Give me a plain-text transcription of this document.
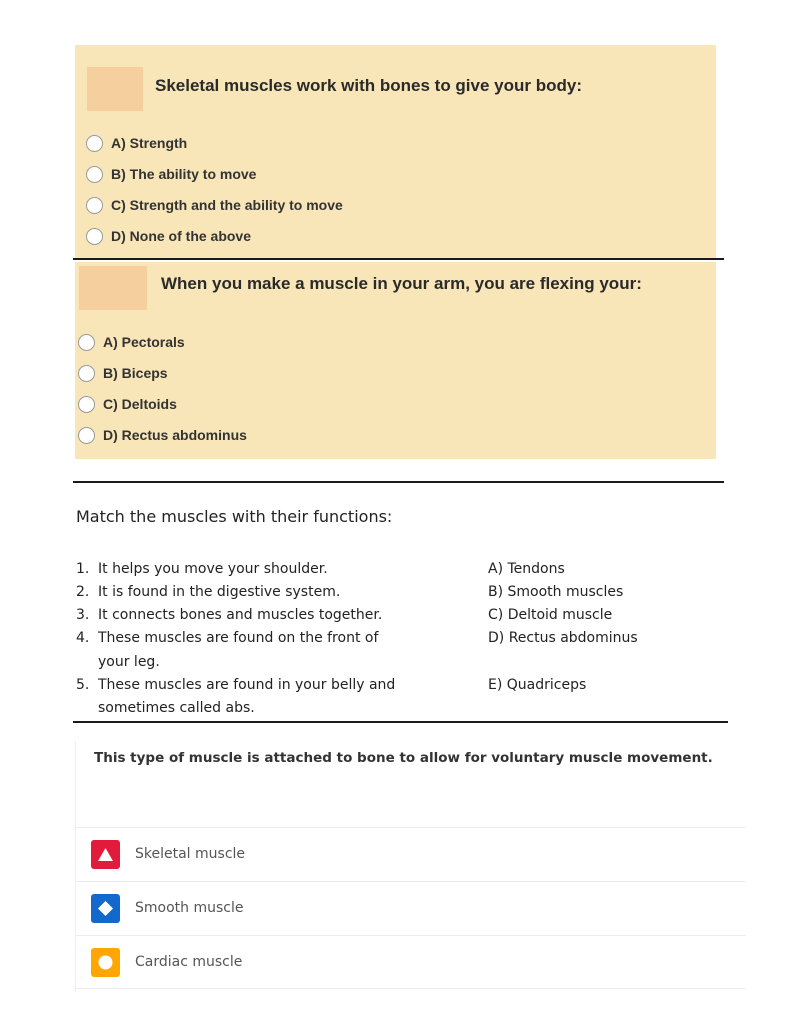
Skeletal muscles work with bones to give your body:
A) Strength
B) The ability to move
C) Strength and the ability to move
D) None of the above
When you make a muscle in your arm, you are flexing your:
A) Pectorals
B) Biceps
C) Deltoids
D) Rectus abdominus
Match the muscles with their functions:
1.
2.
3.
4.
5.
It helps you move your shoulder.
It is found in the digestive system.
It connects bones and muscles together.
These muscles are found on the front of
your leg.
These muscles are found in your belly and
sometimes called abs.
A) Tendons
B) Smooth muscles
C) Deltoid muscle
D) Rectus abdominus
E) Quadriceps
This type of muscle is attached to bone to allow for voluntary muscle movement.
Skeletal muscle
Smooth muscle
Cardiac muscle
